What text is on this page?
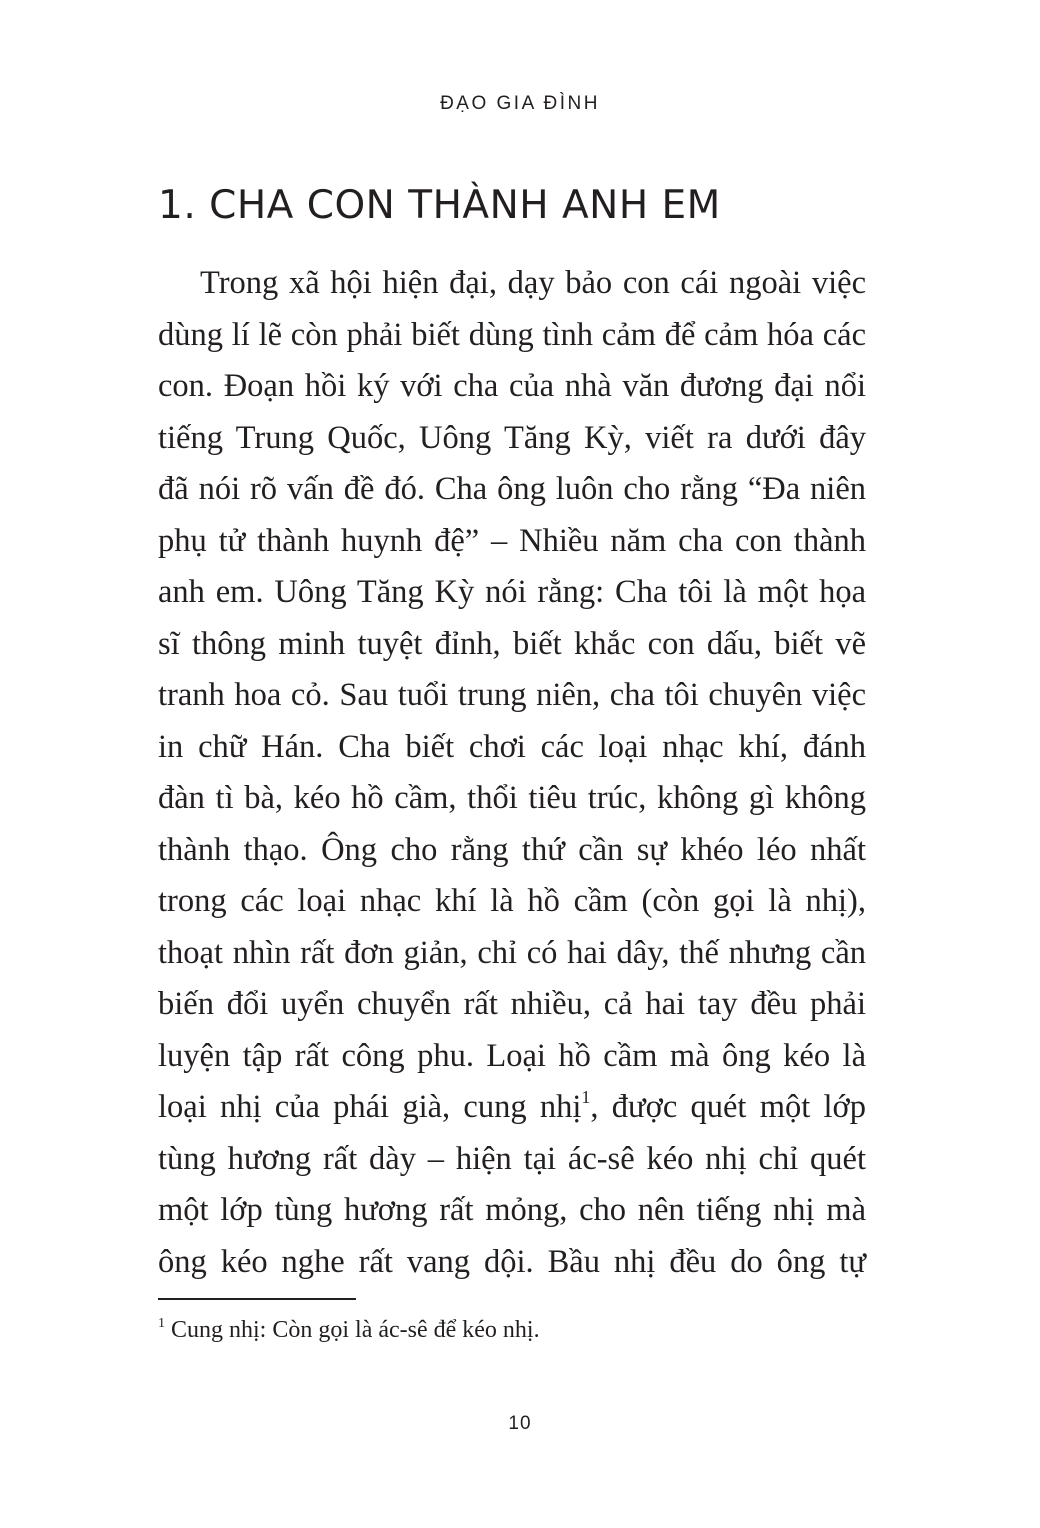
ĐẠO GIA ĐÌNH
1. CHA CON THÀNH ANH EM
Trong xã hội hiện đại, dạy bảo con cái ngoài việc
dùng lí lẽ còn phải biết dùng tình cảm để cảm hóa các
con. Đoạn hồi ký với cha của nhà văn đương đại nổi
tiếng Trung Quốc, Uông Tăng Kỳ, viết ra dưới đây
đã nói rõ vấn đề đó. Cha ông luôn cho rằng “Đa niên
phụ tử thành huynh đệ” – Nhiều năm cha con thành
anh em. Uông Tăng Kỳ nói rằng: Cha tôi là một họa
sĩ thông minh tuyệt đỉnh, biết khắc con dấu, biết vẽ
tranh hoa cỏ. Sau tuổi trung niên, cha tôi chuyên việc
in chữ Hán. Cha biết chơi các loại nhạc khí, đánh
đàn tì bà, kéo hồ cầm, thổi tiêu trúc, không gì không
thành thạo. Ông cho rằng thứ cần sự khéo léo nhất
trong các loại nhạc khí là hồ cầm (còn gọi là nhị),
thoạt nhìn rất đơn giản, chỉ có hai dây, thế nhưng cần
biến đổi uyển chuyển rất nhiều, cả hai tay đều phải
luyện tập rất công phu. Loại hồ cầm mà ông kéo là
loại nhị của phái già, cung nhị$^1$, được quét một lớp
tùng hương rất dày – hiện tại ác-sê kéo nhị chỉ quét
một lớp tùng hương rất mỏng, cho nên tiếng nhị mà
ông kéo nghe rất vang dội. Bầu nhị đều do ông tự
$^1$ Cung nhị: Còn gọi là ác-sê để kéo nhị.
10
